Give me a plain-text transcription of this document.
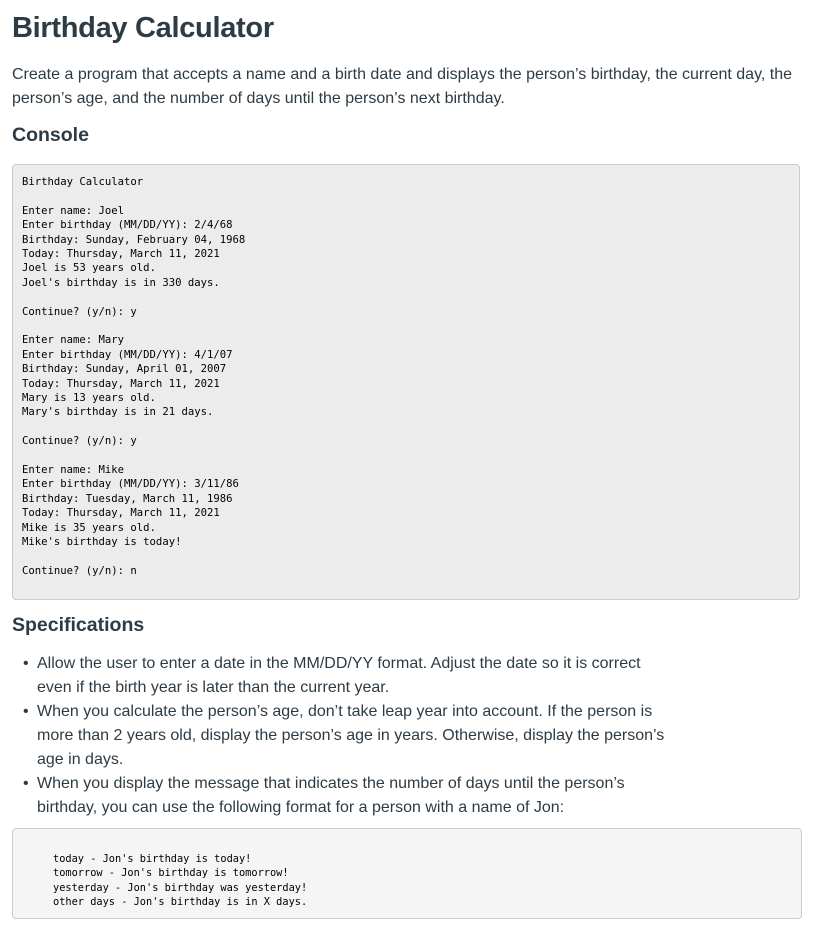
Birthday Calculator

Create a program that accepts a name and a birth date and displays the person’s birthday, the current day, the person’s age, and the number of days until the person’s next birthday.

Console
Birthday Calculator
Enter name: Joel
Enter birthday (MM/DD/YY): 2/4/68
Birthday: Sunday, February 04, 1968
Today: Thursday, March 11, 2021
Joel is 53 years old.
Joel's birthday is in 330 days.
Continue? (y/n): y
Enter name: Mary
Enter birthday (MM/DD/YY): 4/1/07
Birthday: Sunday, April 01, 2007
Today: Thursday, March 11, 2021
Mary is 13 years old.
Mary's birthday is in 21 days.
Continue? (y/n): y
Enter name: Mike
Enter birthday (MM/DD/YY): 3/11/86
Birthday: Tuesday, March 11, 1986
Today: Thursday, March 11, 2021
Mike is 35 years old.
Mike's birthday is today!
Continue? (y/n): n
Specifications
• Allow the user to enter a date in the MM/DD/YY format. Adjust the date so it is correct even if the birth year is later than the current year.
• When you calculate the person’s age, don’t take leap year into account. If the person is more than 2 years old, display the person’s age in years. Otherwise, display the person’s age in days.
• When you display the message that indicates the number of days until the person’s birthday, you can use the following format for a person with a name of Jon:
today - Jon's birthday is today!
tomorrow - Jon's birthday is tomorrow!
yesterday - Jon's birthday was yesterday!
other days - Jon's birthday is in X days.
